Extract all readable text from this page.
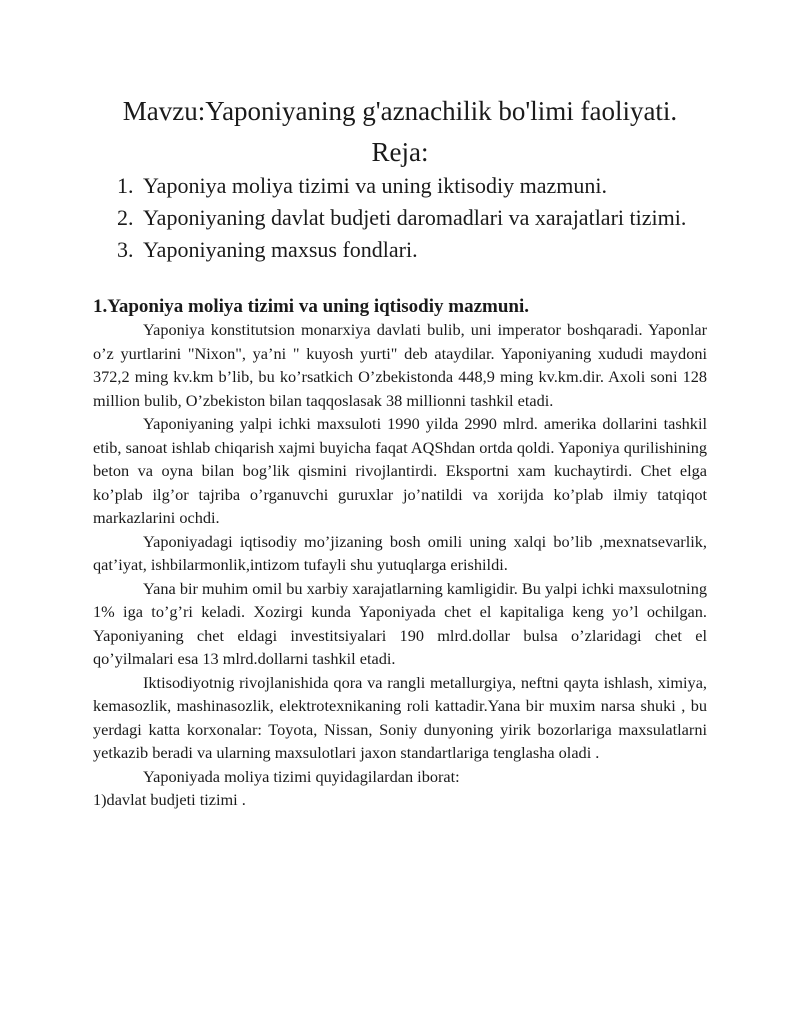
Mavzu:Yaponiyaning g'aznachilik bo'limi faoliyati.
Reja:
1. Yaponiya moliya tizimi va uning iktisodiy mazmuni.
2. Yaponiyaning davlat budjeti daromadlari va xarajatlari tizimi.
3. Yaponiyaning maxsus fondlari.
1.Yaponiya moliya tizimi va uning iqtisodiy mazmuni.

Yaponiya konstitutsion monarxiya davlati bulib, uni imperator boshqaradi. Yaponlar o’z yurtlarini "Nixon", ya’ni " kuyosh yurti" deb ataydilar. Yaponiyaning xududi maydoni 372,2 ming kv.km b’lib, bu ko’rsatkich O’zbekistonda 448,9 ming kv.km.dir. Axoli soni 128 million bulib, O’zbekiston bilan taqqoslasak 38 millionni tashkil etadi.

Yaponiyaning yalpi ichki maxsuloti 1990 yilda 2990 mlrd. amerika dollarini tashkil etib, sanoat ishlab chiqarish xajmi buyicha faqat AQShdan ortda qoldi. Yaponiya qurilishining beton va oyna bilan bog’lik qismini rivojlantirdi. Eksportni xam kuchaytirdi. Chet elga ko’plab ilg’or tajriba o’rganuvchi guruxlar jo’natildi va xorijda ko’plab ilmiy tatqiqot markazlarini ochdi.

Yaponiyadagi iqtisodiy mo’jizaning bosh omili uning xalqi bo’lib ,mexnatsevarlik, qat’iyat, ishbilarmonlik,intizom tufayli shu yutuqlarga erishildi.

Yana bir muhim omil bu xarbiy xarajatlarning kamligidir. Bu yalpi ichki maxsulotning 1% iga to’g’ri keladi. Xozirgi kunda Yaponiyada chet el kapitaliga keng yo’l ochilgan. Yaponiyaning chet eldagi investitsiyalari 190 mlrd.dollar bulsa o’zlaridagi chet el qo’yilmalari esa 13 mlrd.dollarni tashkil etadi.

Iktisodiyotnig rivojlanishida qora va rangli metallurgiya, neftni qayta ishlash, ximiya, kemasozlik, mashinasozlik, elektrotexnikaning roli kattadir.Yana bir muxim narsa shuki , bu yerdagi katta korxonalar: Toyota, Nissan, Soniy dunyoning yirik bozorlariga maxsulatlarni yetkazib beradi va ularning maxsulotlari jaxon standartlariga tenglasha oladi .

Yaponiyada moliya tizimi quyidagilardan iborat:

1)davlat budjeti tizimi .
